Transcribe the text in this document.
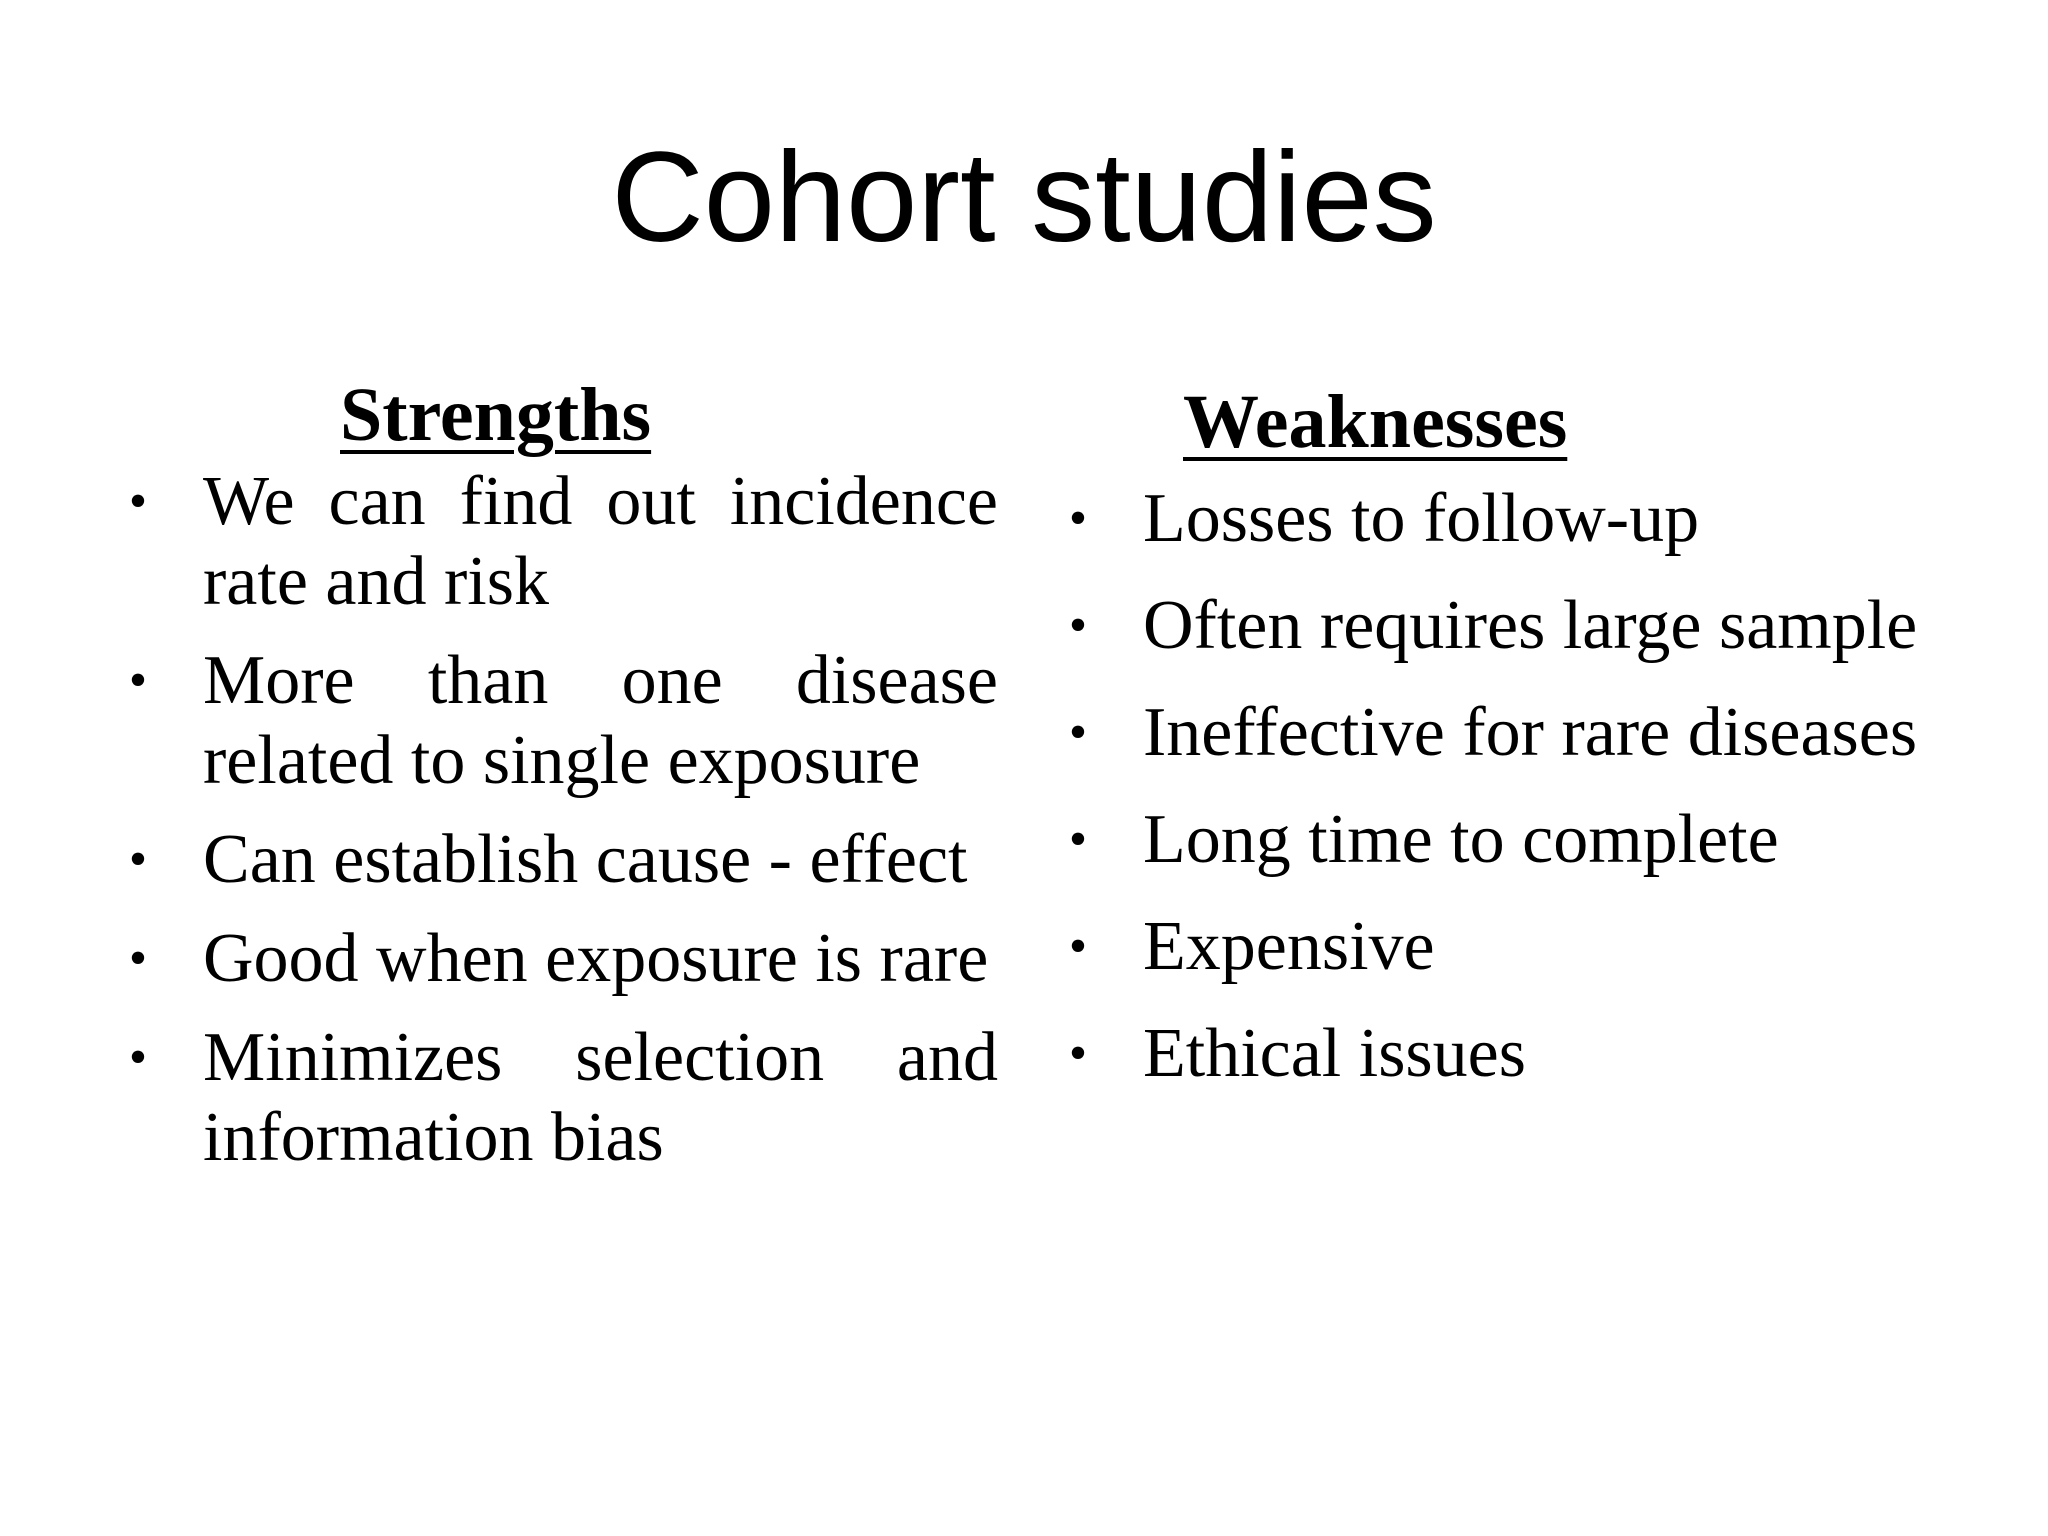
Cohort studies
Strengths
• We can find out incidence rate and risk
• More than one disease related to single exposure
• Can establish cause - effect
• Good when exposure is rare
• Minimizes selection and information bias
Weaknesses
• Losses to follow-up
• Often requires large sample
• Ineffective for rare diseases
• Long time to complete
• Expensive
• Ethical issues
